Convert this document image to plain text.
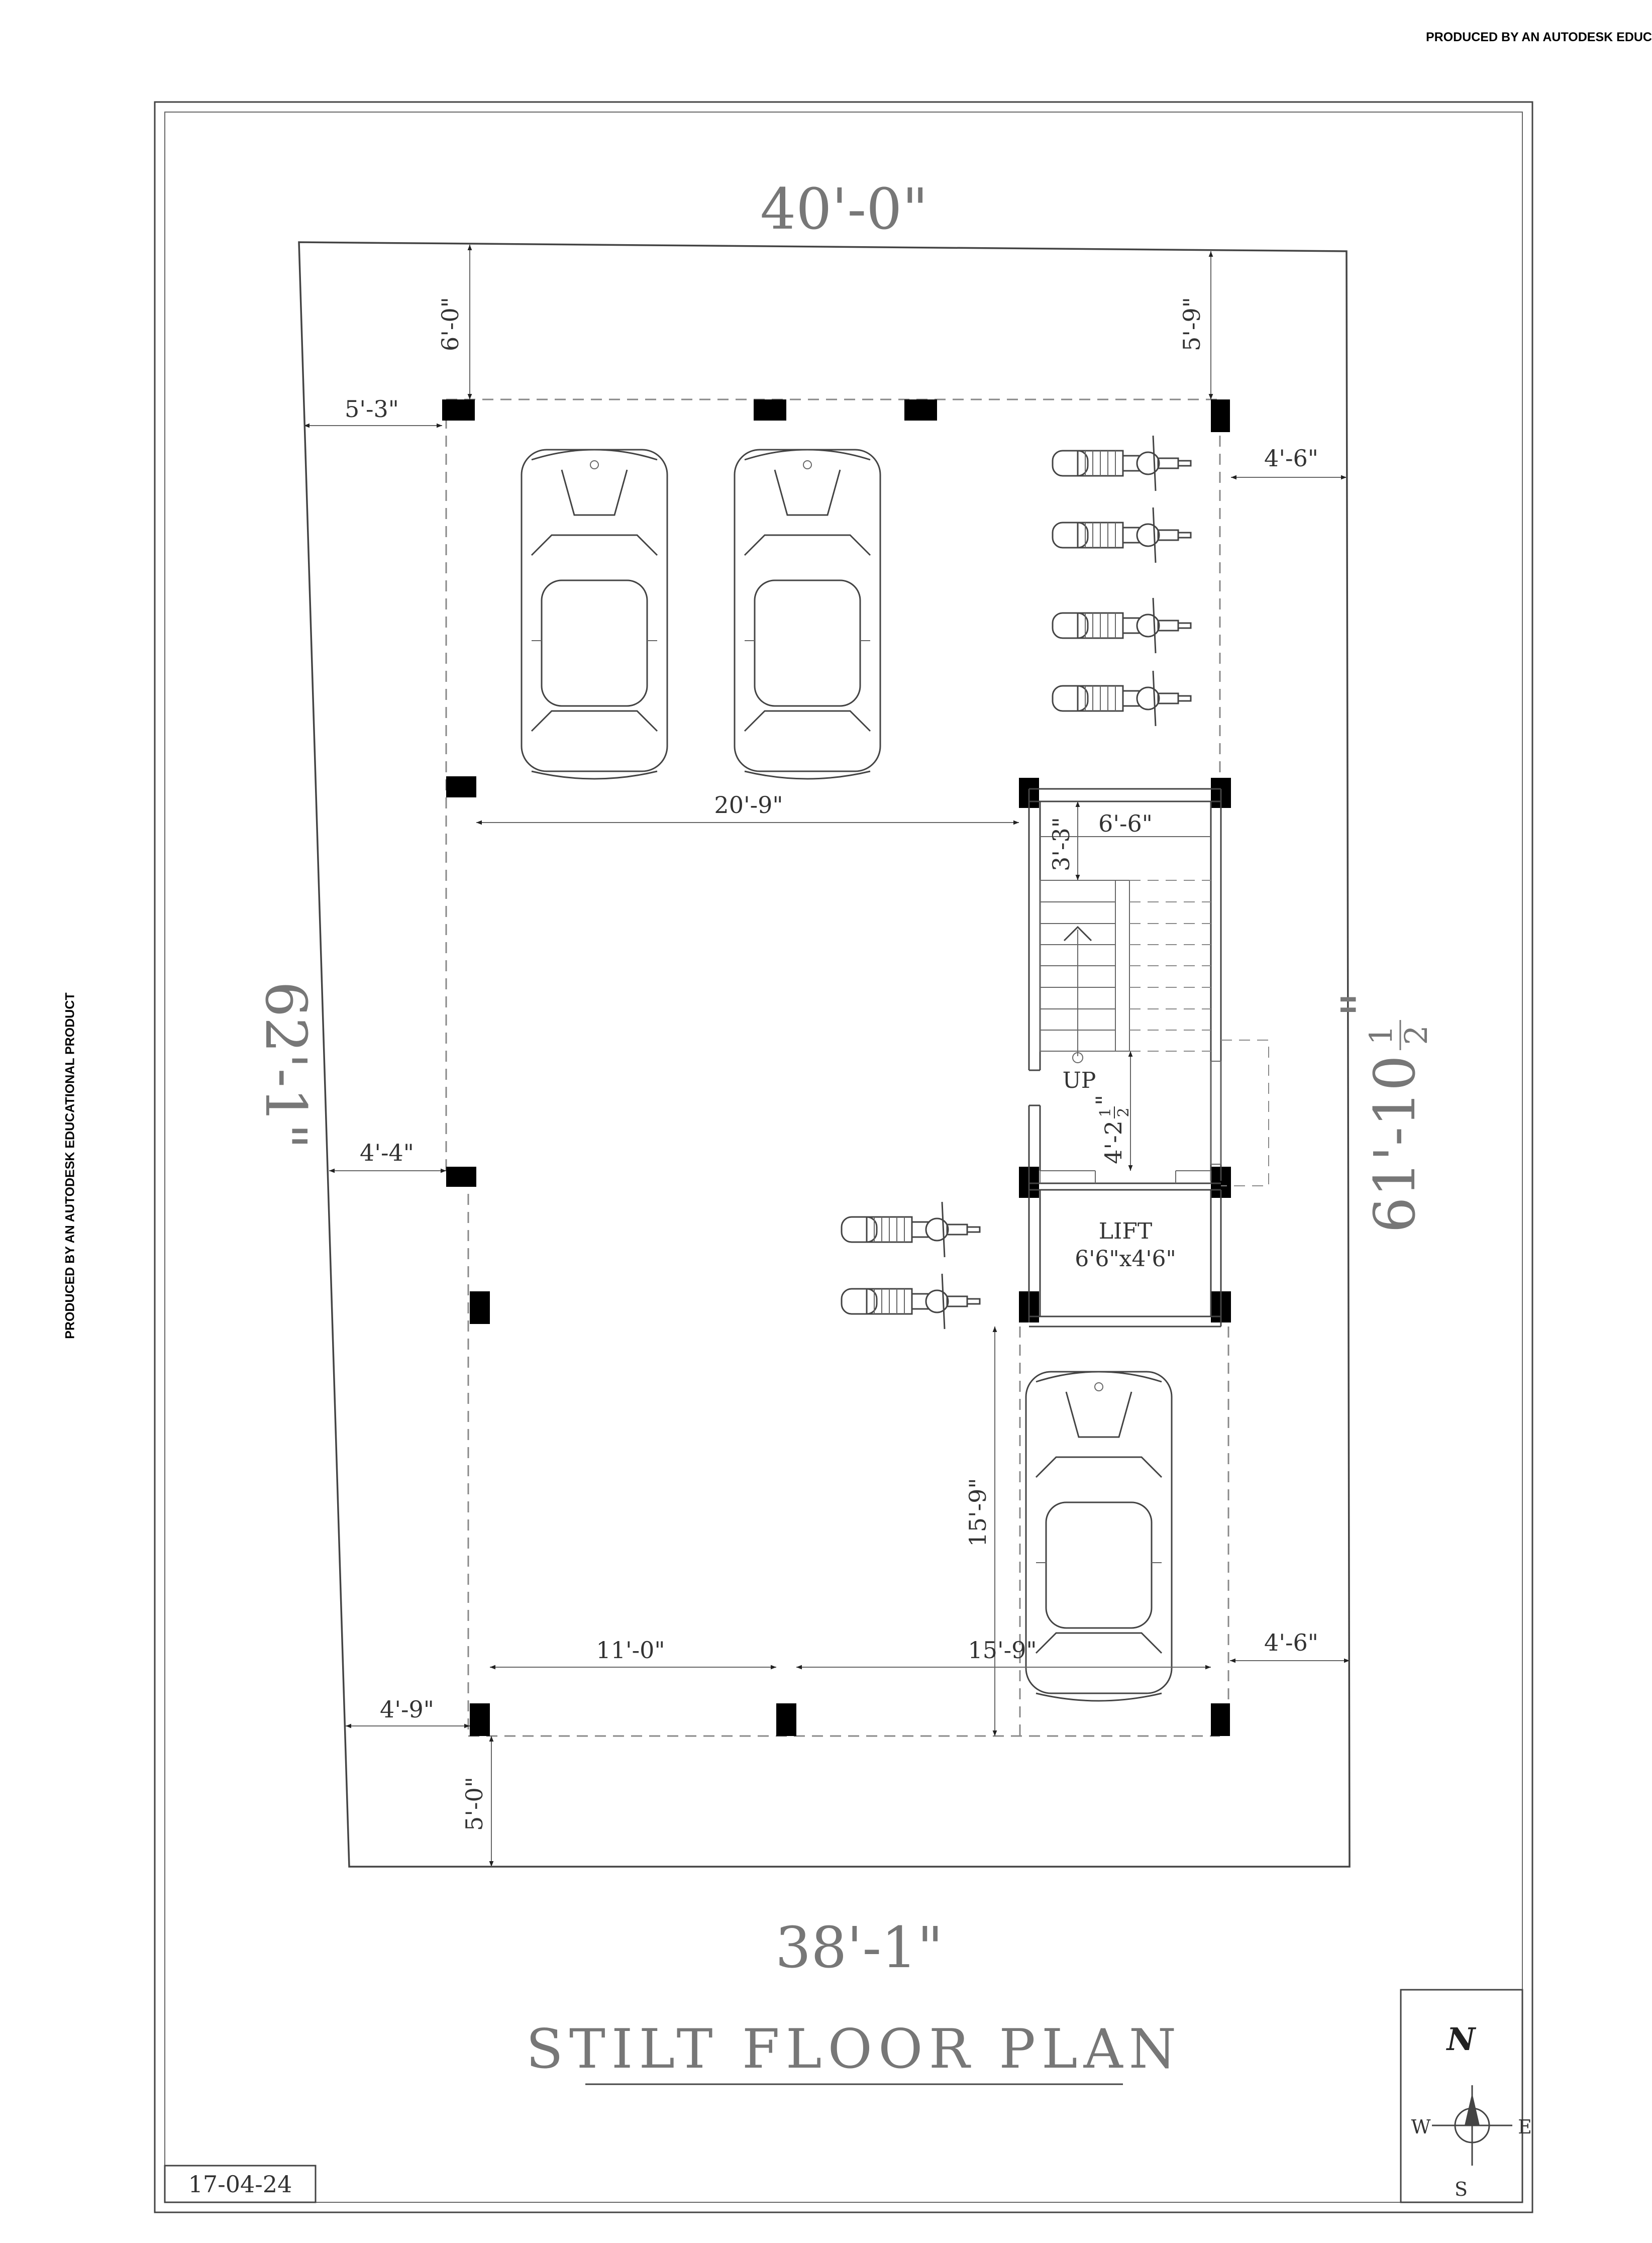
PRODUCED BY AN AUTODESK EDUC
PRODUCED BY AN AUTODESK EDUCATIONAL PRODUCT
40'-0"
38'-1"
62'-1"	61'-10
1
2
"
6'-0"	5'-9"
5'-3"
4'-6"
4'-4"
4'-9"
4'-6"
5'-0"
20'-9"
6'-6"
3'-3"
4'-2
1 2
"
11'-0"	15'-9"
15'-9"
UP
LIFT
6'6"x4'6"
STILT FLOOR PLAN
17-04-24
N
W	E
S
